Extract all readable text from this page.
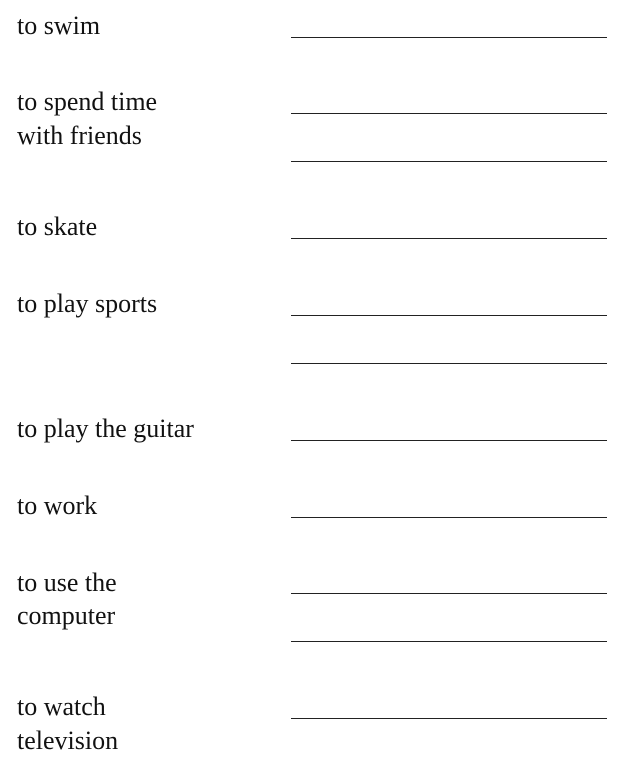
to swim
to spend time
with friends
to skate
to play sports
to play the guitar
to work
to use the
computer
to watch
television
